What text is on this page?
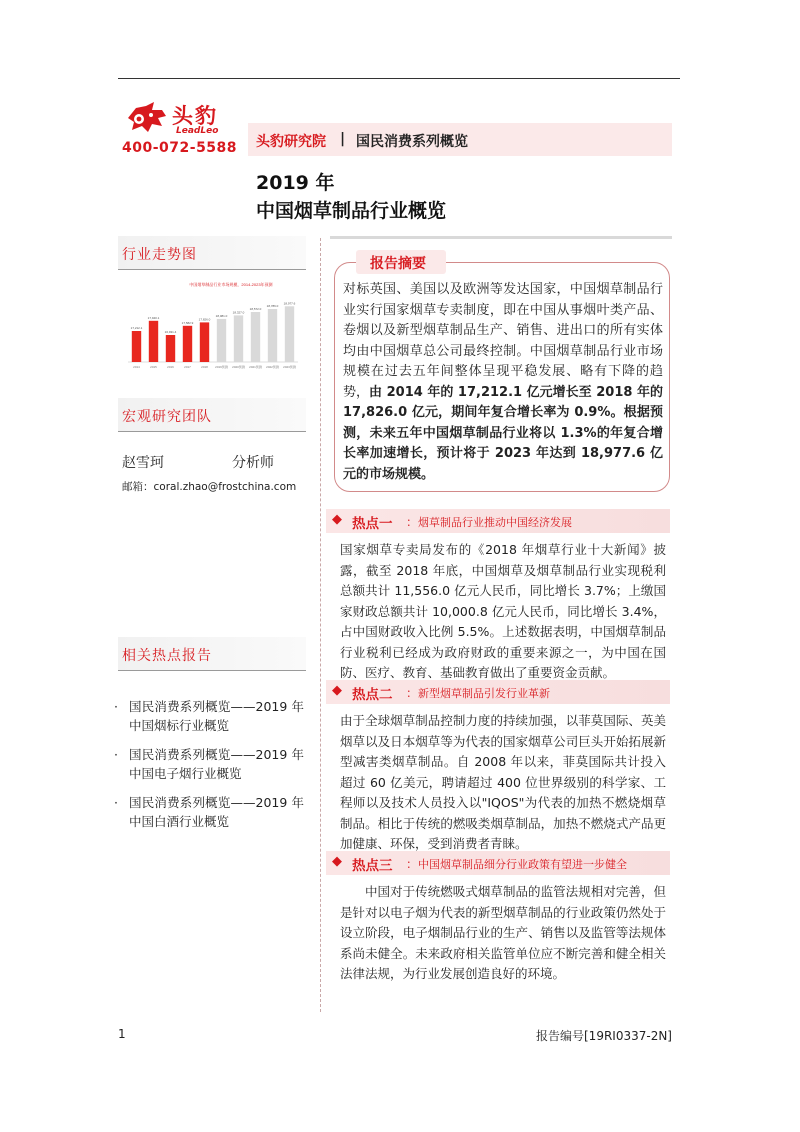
头豹
LeadLeo
400-072-5588 头豹研究院 | 国民消费系列概览
2019 年
中国烟草制品行业概览
行业走势图
中国烟草制品行业市场规模，2014-2023年预测
17,212.1
2014
17,940.1
2015
16,931.4
2016
17,582.9
2017
17,826.0
2018
18,081.0
2019预测
18,327.0
2020预测
18,572.0
2021预测
18,786.0
2022预测
18,977.6
2023预测
宏观研究团队
赵雪珂	分析师
邮箱：coral.zhao@frostchina.com
相关热点报告
· 国民消费系列概览——2019 年中国烟标行业概览
· 国民消费系列概览——2019 年中国电子烟行业概览
· 国民消费系列概览——2019 年中国白酒行业概览
报告摘要
对标英国、美国以及欧洲等发达国家，中国烟草制品行业实行国家烟草专卖制度，即在中国从事烟叶类产品、卷烟以及新型烟草制品生产、销售、进出口的所有实体均由中国烟草总公司最终控制。中国烟草制品行业市场规模在过去五年间整体呈现平稳发展、略有下降的趋势，由 2014 年的 17,212.1 亿元增长至 2018 年的 17,826.0 亿元，期间年复合增长率为 0.9%。根据预测，未来五年中国烟草制品行业将以 1.3%的年复合增长率加速增长，预计将于 2023 年达到 18,977.6 亿元的市场规模。
◆ 热点一 ： 烟草制品行业推动中国经济发展
国家烟草专卖局发布的《2018 年烟草行业十大新闻》披露，截至 2018 年底，中国烟草及烟草制品行业实现税利总额共计 11,556.0 亿元人民币，同比增长 3.7%；上缴国家财政总额共计 10,000.8 亿元人民币，同比增长 3.4%，占中国财政收入比例 5.5%。上述数据表明，中国烟草制品行业税利已经成为政府财政的重要来源之一，为中国在国防、医疗、教育、基础教育做出了重要资金贡献。
◆ 热点二 ： 新型烟草制品引发行业革新
由于全球烟草制品控制力度的持续加强，以菲莫国际、英美烟草以及日本烟草等为代表的国家烟草公司巨头开始拓展新型减害类烟草制品。自 2008 年以来，菲莫国际共计投入超过 60 亿美元，聘请超过 400 位世界级别的科学家、工程师以及技术人员投入以"IQOS"为代表的加热不燃烧烟草制品。相比于传统的燃吸类烟草制品，加热不燃烧式产品更加健康、环保，受到消费者青睐。
◆ 热点三 ： 中国烟草制品细分行业政策有望进一步健全
中国对于传统燃吸式烟草制品的监管法规相对完善，但是针对以电子烟为代表的新型烟草制品的行业政策仍然处于设立阶段，电子烟制品行业的生产、销售以及监管等法规体系尚未健全。未来政府相关监管单位应不断完善和健全相关法律法规，为行业发展创造良好的环境。
1	报告编号[19RI0337-2N]
